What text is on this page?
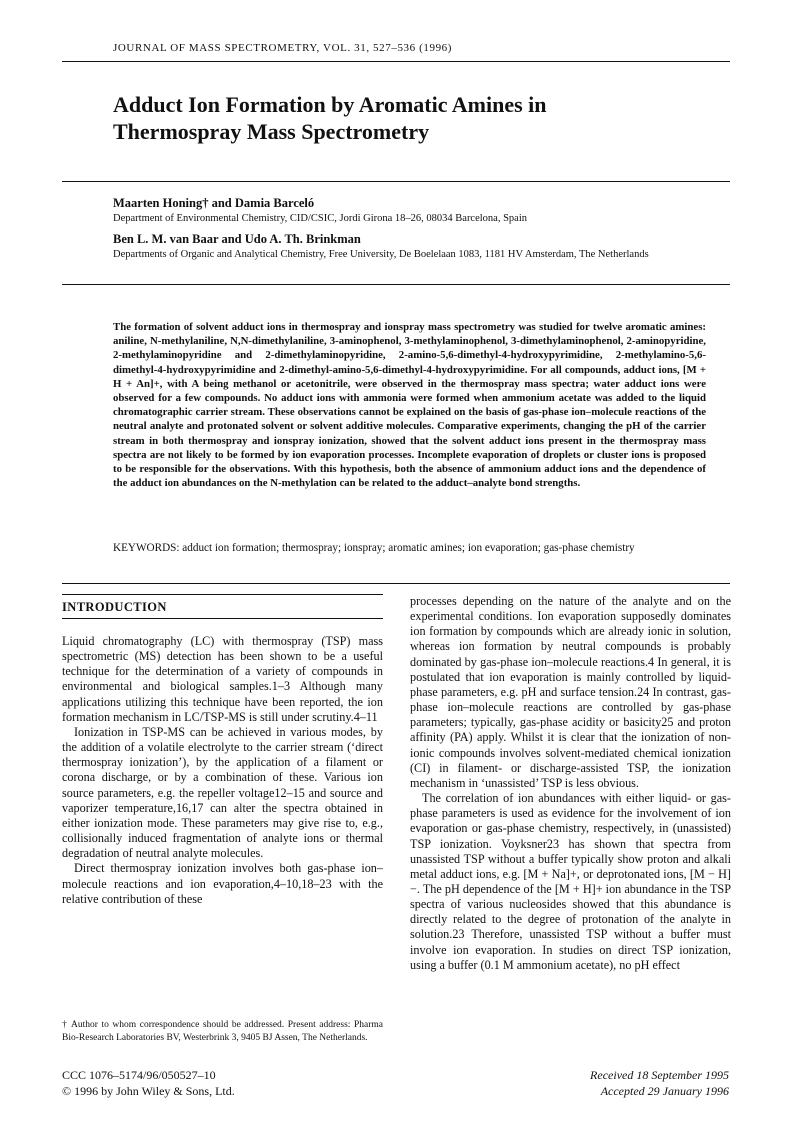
JOURNAL OF MASS SPECTROMETRY, VOL. 31, 527–536 (1996)
Adduct Ion Formation by Aromatic Amines in
Thermospray Mass Spectrometry
Maarten Honing† and Damia Barceló
Department of Environmental Chemistry, CID/CSIC, Jordi Girona 18–26, 08034 Barcelona, Spain
Ben L. M. van Baar and Udo A. Th. Brinkman
Departments of Organic and Analytical Chemistry, Free University, De Boelelaan 1083, 1181 HV Amsterdam, The Netherlands
The formation of solvent adduct ions in thermospray and ionspray mass spectrometry was studied for twelve aromatic amines: aniline, N-methylaniline, N,N-dimethylaniline, 3-aminophenol, 3-methylaminophenol, 3-dimethylaminophenol, 2-aminopyridine, 2-methylaminopyridine and 2-dimethylaminopyridine, 2-amino-5,6-dimethyl-4-hydroxypyrimidine, 2-methylamino-5,6-dimethyl-4-hydroxypyrimidine and 2-dimethyl-amino-5,6-dimethyl-4-hydroxypyrimidine. For all compounds, adduct ions, [M + H + An]+, with A being methanol or acetonitrile, were observed in the thermospray mass spectra; water adduct ions were observed for a few compounds. No adduct ions with ammonia were formed when ammonium acetate was added to the liquid chromatographic carrier stream. These observations cannot be explained on the basis of gas-phase ion–molecule reactions of the neutral analyte and protonated solvent or solvent additive molecules. Comparative experiments, changing the pH of the carrier stream in both thermospray and ionspray ionization, showed that the solvent adduct ions present in the thermospray mass spectra are not likely to be formed by ion evaporation processes. Incomplete evaporation of droplets or cluster ions is proposed to be responsible for the observations. With this hypothesis, both the absence of ammonium adduct ions and the dependence of the adduct ion abundances on the N-methylation can be related to the adduct–analyte bond strengths.
KEYWORDS: adduct ion formation; thermospray; ionspray; aromatic amines; ion evaporation; gas-phase chemistry
INTRODUCTION

Liquid chromatography (LC) with thermospray (TSP) mass spectrometric (MS) detection has been shown to be a useful technique for the determination of a variety of compounds in environmental and biological samples.1–3 Although many applications utilizing this technique have been reported, the ion formation mechanism in LC/TSP-MS is still under scrutiny.4–11

Ionization in TSP-MS can be achieved in various modes, by the addition of a volatile electrolyte to the carrier stream (‘direct thermospray ionization’), by the application of a filament or corona discharge, or by a combination of these. Various ion source parameters, e.g. the repeller voltage12–15 and source and vaporizer temperature,16,17 can alter the spectra obtained in either ionization mode. These parameters may give rise to, e.g., collisionally induced fragmentation of analyte ions or thermal degradation of neutral analyte molecules.

Direct thermospray ionization involves both gas-phase ion–molecule reactions and ion evaporation,4–10,18–23 with the relative contribution of these

† Author to whom correspondence should be addressed. Present address: Pharma Bio-Research Laboratories BV, Westerbrink 3, 9405 BJ Assen, The Netherlands.

processes depending on the nature of the analyte and on the experimental conditions. Ion evaporation supposedly dominates ion formation by compounds which are already ionic in solution, whereas ion formation by neutral compounds is probably dominated by gas-phase ion–molecule reactions.4 In general, it is postulated that ion evaporation is mainly controlled by liquid-phase parameters, e.g. pH and surface tension.24 In contrast, gas-phase ion–molecule reactions are controlled by gas-phase parameters; typically, gas-phase acidity or basicity25 and proton affinity (PA) apply. Whilst it is clear that the ionization of non-ionic compounds involves solvent-mediated chemical ionization (CI) in filament- or discharge-assisted TSP, the ionization mechanism in ‘unassisted’ TSP is less obvious.

The correlation of ion abundances with either liquid- or gas-phase parameters is used as evidence for the involvement of ion evaporation or gas-phase chemistry, respectively, in (unassisted) TSP ionization. Voyksner23 has shown that spectra from unassisted TSP without a buffer typically show proton and alkali metal adduct ions, e.g. [M + Na]+, or deprotonated ions, [M − H]−. The pH dependence of the [M + H]+ ion abundance in the TSP spectra of various nucleosides showed that this abundance is directly related to the degree of protonation of the analyte in solution.23 Therefore, unassisted TSP without a buffer must involve ion evaporation. In studies on direct TSP ionization, using a buffer (0.1 M ammonium acetate), no pH effect

CCC 1076–5174/96/050527–10
© 1996 by John Wiley & Sons, Ltd.
Received 18 September 1995
Accepted 29 January 1996
